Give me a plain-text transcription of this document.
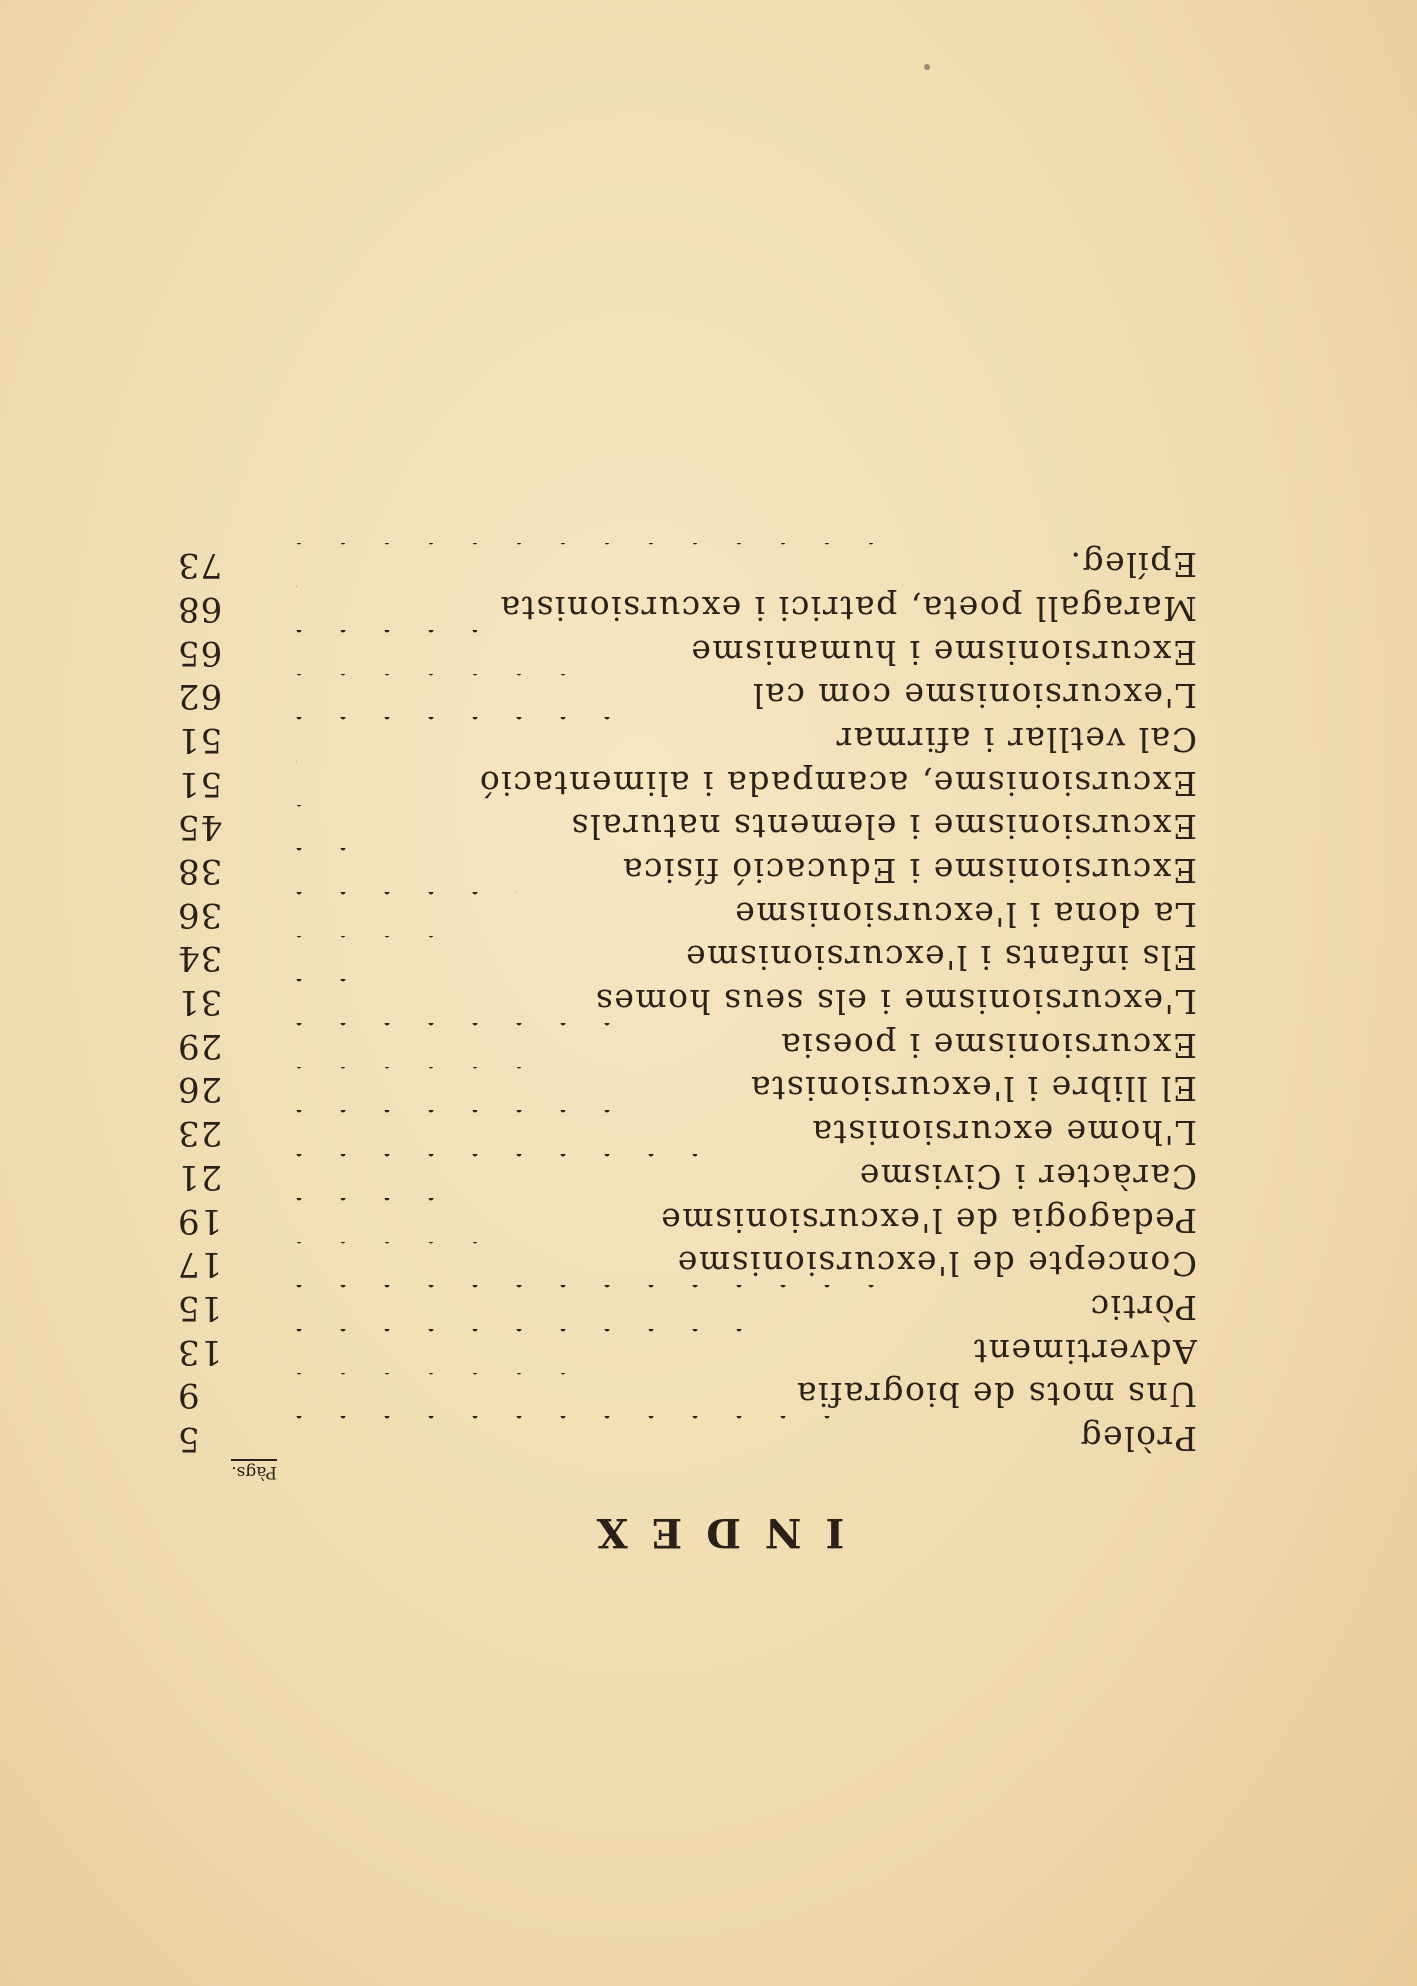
INDEX
Pàgs.
Pròleg
5
Uns mots de biografia
9
Advertiment
13
Pòrtic
15
Concepte de l'excursionisme
17
Pedagogia de l'excursionisme
19
Caràcter i Civisme
21
L'home excursionista
23
El llibre i l'excursionista
26
Excursionisme i poesia
29
L'excursionisme i els seus homes
31
Els infants i l'excursionisme
34
La dona i l'excursionisme
36
Excursionisme i Educació física
38
Excursionisme i elements naturals
45
Excursionisme, acampada i alimentació
51
Cal vetllar i afirmar
51
L'excursionisme com cal
62
Excursionisme i humanisme
65
Maragall poeta, patrici i excursionista
68
Epíleg.
73
